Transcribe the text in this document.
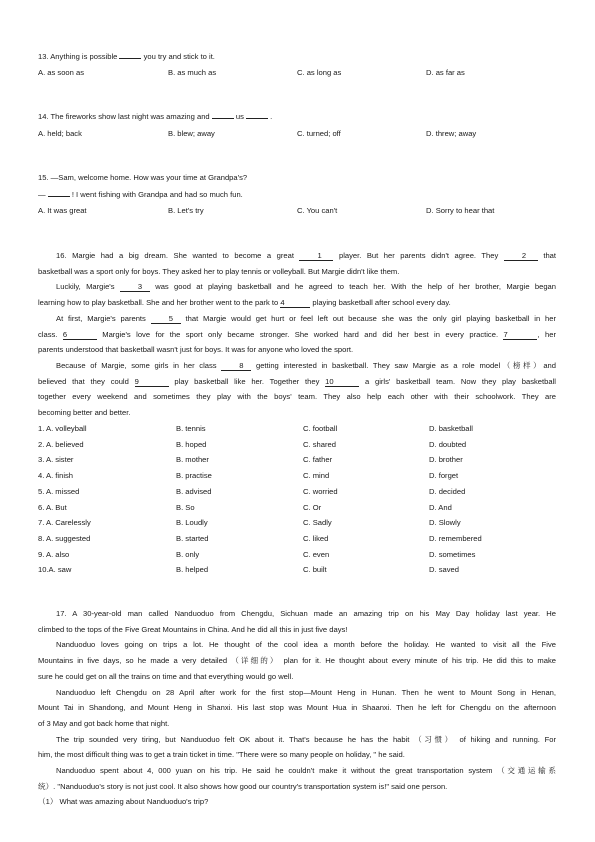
13. Anything is possible	you try and stick to it.
A. as soon as	B. as much as	C. as long as	D. as far as
14. The fireworks show last night was amazing and	us	.
A. held; back	B. blew; away	C. turned; off	D. threw; away
15. —Sam, welcome home. How was your time at Grandpa's?
—	! I went fishing with Grandpa and had so much fun.
A. It was great	B. Let's try	C. You can't	D. Sorry to hear that

16. Margie had a big dream. She wanted to become a great 1 player. But her parents didn't agree. They 2 that

basketball was a sport only for boys. They asked her to play tennis or volleyball. But Margie didn't like them.

Luckily, Margie's 3 was good at playing basketball and he agreed to teach her. With the help of her brother, Margie began

learning how to play basketball. She and her brother went to the park to 4	playing basketball after school every day.

At first, Margie's parents 5 that Margie would get hurt or feel left out because she was the only girl playing basketball in her

class. 6	Margie's love for the sport only became stronger. She worked hard and did her best in every practice. 7	, her

parents understood that basketball wasn't just for boys. It was for anyone who loved the sport.

Because of Margie, some girls in her class 8 getting interested in basketball. They saw Margie as a role model（榜样）and

believed that they could 9	play basketball like her. Together they 10	a girls' basketball team. Now they play basketball

together every weekend and sometimes they play with the boys' team. They also help each other with their schoolwork. They are

becoming better and better.

1. A. volleyball	B. tennis	C. football	D. basketball
2. A. believed	B. hoped	C. shared	D. doubted
3. A. sister	B. mother	C. father	D. brother
4. A. finish	B. practise	C. mind	D. forget
5. A. missed	B. advised	C. worried	D. decided
6. A. But	B. So	C. Or	D. And
7. A. Carelessly	B. Loudly	C. Sadly	D. Slowly
8. A. suggested	B. started	C. liked	D. remembered
9. A. also	B. only	C. even	D. sometimes
10.A. saw	B. helped	C. built	D. saved

17. A 30-year-old man called Nanduoduo from Chengdu, Sichuan made an amazing trip on his May Day holiday last year. He

climbed to the tops of the Five Great Mountains in China. And he did all this in just five days!

Nanduoduo loves going on trips a lot. He thought of the cool idea a month before the holiday. He wanted to visit all the Five

Mountains in five days, so he made a very detailed （详细的） plan for it. He thought about every minute of his trip. He did this to make

sure he could get on all the trains on time and that everything would go well.

Nanduoduo left Chengdu on 28 April after work for the first stop—Mount Heng in Hunan. Then he went to Mount Song in Henan,

Mount Tai in Shandong, and Mount Heng in Shanxi. His last stop was Mount Hua in Shaanxi. Then he left for Chengdu on the afternoon

of 3 May and got back home that night.

The trip sounded very tiring, but Nanduoduo felt OK about it. That's because he has the habit （习惯） of hiking and running. For

him, the most difficult thing was to get a train ticket in time. "There were so many people on holiday, " he said.

Nanduoduo spent about 4, 000 yuan on his trip. He said he couldn't make it without the great transportation system （交通运输系

统）. "Nanduoduo's story is not just cool. It also shows how good our country's transportation system is!" said one person.

（1） What was amazing about Nanduoduo's trip?
